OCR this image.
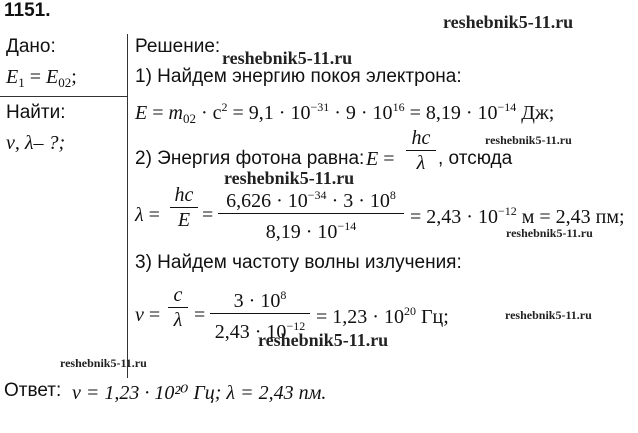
1151.
Дано:
$E_1 = E_{02}$;
Найти:
ν, λ– ?;
Решение:
1) Найдем энергию покоя электрона:
$E = m_{02} \cdot c^2 = 9,1 \cdot 10^{-31} \cdot 9 \cdot 10^{16} = 8,19 \cdot 10^{-14}$ Дж;
2) Энергия фотона равна: E =
hc
λ , отсюда
λ =
hc
E =
$6,626 \cdot 10^{-34} \cdot 3 \cdot 10^8$
$8,19 \cdot 10^{-14}$	= $2,43 \cdot 10^{-12}$ м = 2,43 пм;
3) Найдем частоту волны излучения:
ν =
c
λ =
$3 \cdot 10^8$
$2,43 \cdot 10^{-12} = 1,23 \cdot 10^{20}$ Гц;
Ответ: ν = 1,23 · 10²⁰ Гц; λ = 2,43 пм.
reshebnik5-11.ru
reshebnik5-11.ru
reshebnik5-11.ru
reshebnik5-11.ru
reshebnik5-11.ru
reshebnik5-11.ru
reshebnik5-11.ru
reshebnik5-11.ru
